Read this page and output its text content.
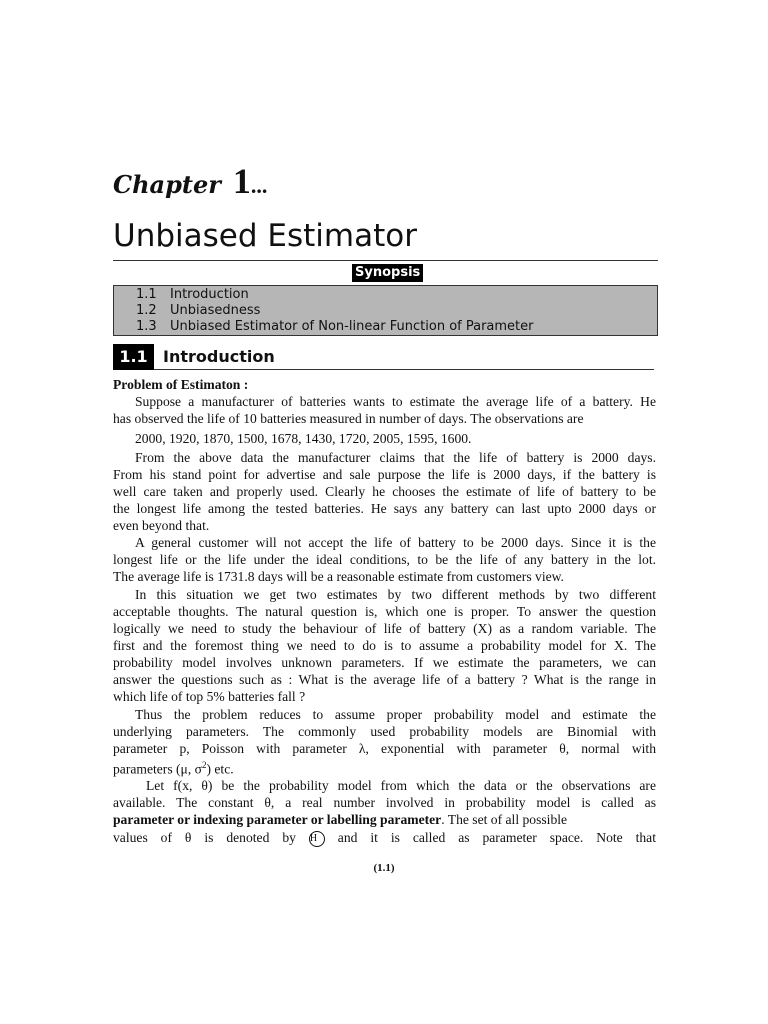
Chapter 1...
Unbiased Estimator
Synopsis
1.1 Introduction
1.2 Unbiasedness
1.3 Unbiased Estimator of Non-linear Function of Parameter
1.1 Introduction
Problem of Estimaton :
Suppose a manufacturer of batteries wants to estimate the average life of a battery. He
has observed the life of 10 batteries measured in number of days. The observations are
2000, 1920, 1870, 1500, 1678, 1430, 1720, 2005, 1595, 1600.
From the above data the manufacturer claims that the life of battery is 2000 days.
From his stand point for advertise and sale purpose the life is 2000 days, if the battery is
well care taken and properly used. Clearly he chooses the estimate of life of battery to be
the longest life among the tested batteries. He says any battery can last upto 2000 days or
even beyond that.
A general customer will not accept the life of battery to be 2000 days. Since it is the
longest life or the life under the ideal conditions, to be the life of any battery in the lot.
The average life is 1731.8 days will be a reasonable estimate from customers view.
In this situation we get two estimates by two different methods by two different
acceptable thoughts. The natural question is, which one is proper. To answer the question
logically we need to study the behaviour of life of battery (X) as a random variable. The
first and the foremost thing we need to do is to assume a probability model for X. The
probability model involves unknown parameters. If we estimate the parameters, we can
answer the questions such as : What is the average life of a battery ? What is the range in
which life of top 5% batteries fall ?
Thus the problem reduces to assume proper probability model and estimate the
underlying parameters. The commonly used probability models are Binomial with
parameter p, Poisson with parameter λ, exponential with parameter θ, normal with
parameters (μ, $\sigma^2$) etc.
Let f(x, θ) be the probability model from which the data or the observations are
available. The constant θ, a real number involved in probability model is called as
parameter or indexing parameter or labelling parameter. The set of all possible
values of θ is denoted by H and it is called as parameter space. Note that
(1.1)
